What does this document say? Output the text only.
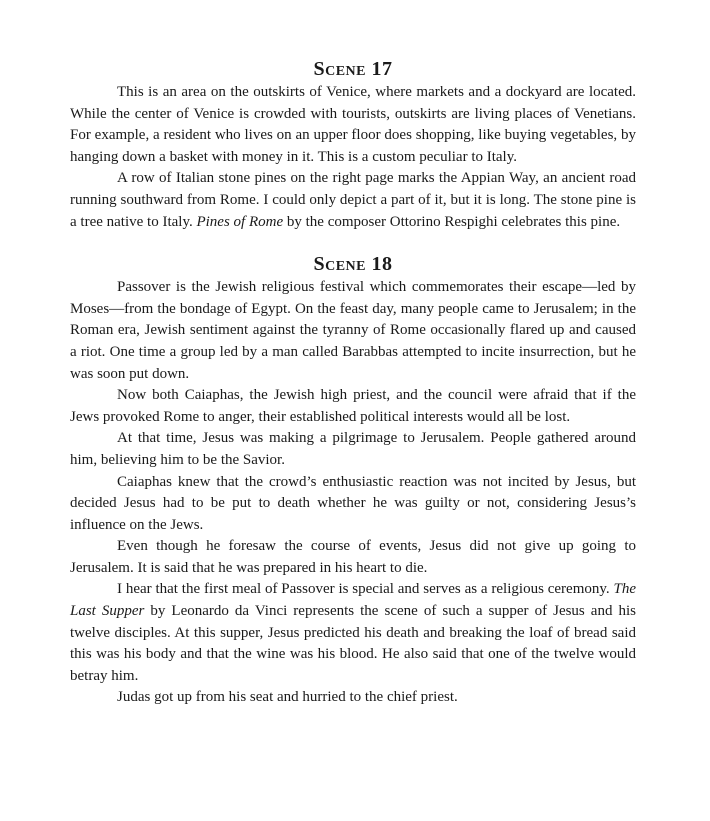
Scene 17

This is an area on the outskirts of Venice, where markets and a dockyard are located. While the center of Venice is crowded with tourists, outskirts are living places of Venetians. For example, a resident who lives on an upper floor does shopping, like buying vegetables, by hanging down a basket with money in it. This is a custom peculiar to Italy.

A row of Italian stone pines on the right page marks the Appian Way, an ancient road running southward from Rome. I could only depict a part of it, but it is long. The stone pine is a tree native to Italy. Pines of Rome by the composer Ottorino Respighi celebrates this pine.

Scene 18

Passover is the Jewish religious festival which commemorates their escape—led by Moses—from the bondage of Egypt. On the feast day, many people came to Jerusalem; in the Roman era, Jewish sentiment against the tyranny of Rome occasionally flared up and caused a riot. One time a group led by a man called Barabbas attempted to incite insurrection, but he was soon put down.

Now both Caiaphas, the Jewish high priest, and the council were afraid that if the Jews provoked Rome to anger, their established political interests would all be lost.

At that time, Jesus was making a pilgrimage to Jerusalem. People gathered around him, believing him to be the Savior.

Caiaphas knew that the crowd’s enthusiastic reaction was not incited by Jesus, but decided Jesus had to be put to death whether he was guilty or not, considering Jesus’s influence on the Jews.

Even though he foresaw the course of events, Jesus did not give up going to Jerusalem. It is said that he was prepared in his heart to die.

I hear that the first meal of Passover is special and serves as a religious ceremony. The Last Supper by Leonardo da Vinci represents the scene of such a supper of Jesus and his twelve disciples. At this supper, Jesus predicted his death and breaking the loaf of bread said this was his body and that the wine was his blood. He also said that one of the twelve would betray him.

Judas got up from his seat and hurried to the chief priest.
